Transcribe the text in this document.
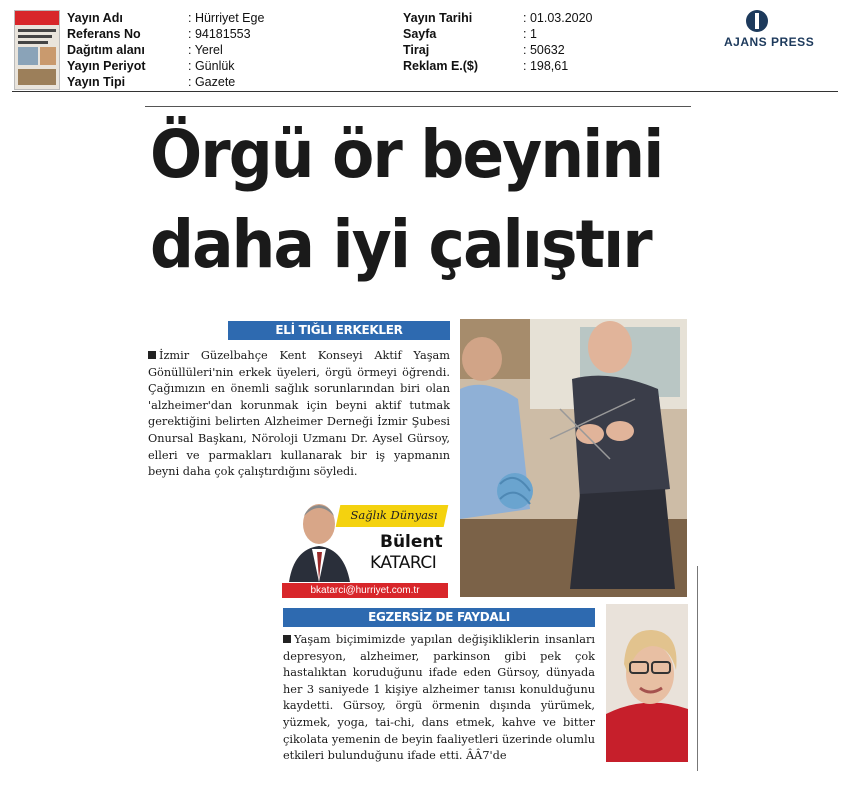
Yayın Adı
Referans No
Dağıtım alanı
Yayın Periyot
Yayın Tipi
: Hürriyet Ege
: 94181553
: Yerel
: Günlük
: Gazete
Yayın Tarihi
Sayfa
Tiraj
Reklam E.($)
: 01.03.2020
: 1
: 50632
: 198,61
AJANS PRESS
Örgü ör beynini
daha iyi çalıştır
ELİ TIĞLI ERKEKLER
İzmir Güzelbahçe Kent Konseyi Aktif Yaşam Gönüllüleri'nin erkek üyeleri, örgü örmeyi öğrendi. Çağımızın en önemli sağlık sorunlarından biri olan 'alzheimer'dan korunmak için beyni aktif tutmak gerektiğini belirten Alzheimer Derneği İzmir Şubesi Onursal Başkanı, Nöroloji Uzmanı Dr. Aysel Gürsoy, elleri ve parmakları kullanarak bir iş yapmanın beyni daha çok çalıştırdığını söyledi.
Sağlık Dünyası
Bülent
KATARCI
bkatarci@hurriyet.com.tr
EGZERSİZ DE FAYDALI
Yaşam biçimimizde yapılan değişikliklerin insanları depresyon, alzheimer, parkinson gibi pek çok hastalıktan koruduğunu ifade eden Gürsoy, dünyada her 3 saniyede 1 kişiye alzheimer tanısı konulduğunu kaydetti. Gürsoy, örgü örmenin dışında yürümek, yüzmek, yoga, tai-chi, dans etmek, kahve ve bitter çikolata yemenin de beyin faaliyetleri üzerinde olumlu etkileri bulunduğunu ifade etti. ÂÂ7'de
